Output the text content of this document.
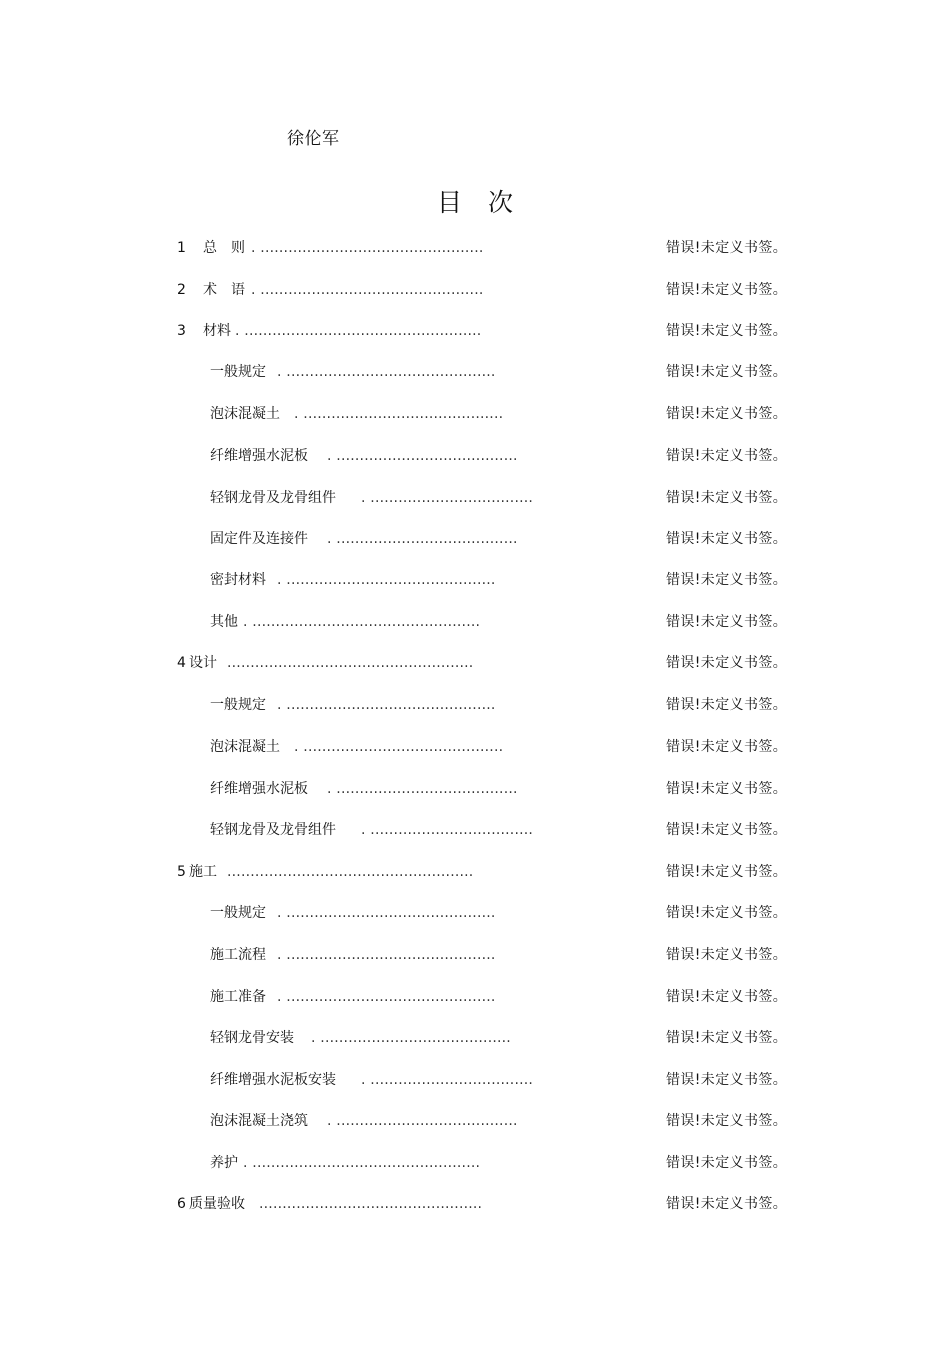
徐伦军
目 次
1 总　则 . ................................................	错误!未定义书签。
2 术　语 . ................................................	错误!未定义书签。
3 材料 . ...................................................	错误!未定义书签。
一般规定 . .............................................	错误!未定义书签。
泡沫混凝土 . ...........................................	错误!未定义书签。
纤维增强水泥板 . .......................................	错误!未定义书签。
轻钢龙骨及龙骨组件 . ...................................	错误!未定义书签。
固定件及连接件 . .......................................	错误!未定义书签。
密封材料 . .............................................	错误!未定义书签。
其他 . .................................................	错误!未定义书签。
4 设计 .....................................................	错误!未定义书签。
一般规定 . .............................................	错误!未定义书签。
泡沫混凝土 . ...........................................	错误!未定义书签。
纤维增强水泥板 . .......................................	错误!未定义书签。
轻钢龙骨及龙骨组件 . ...................................	错误!未定义书签。
5 施工 .....................................................	错误!未定义书签。
一般规定 . .............................................	错误!未定义书签。
施工流程 . .............................................	错误!未定义书签。
施工准备 . .............................................	错误!未定义书签。
轻钢龙骨安装 . .........................................	错误!未定义书签。
纤维增强水泥板安装 . ...................................	错误!未定义书签。
泡沫混凝土浇筑 . .......................................	错误!未定义书签。
养护 . .................................................	错误!未定义书签。
6 质量验收 ................................................	错误!未定义书签。
